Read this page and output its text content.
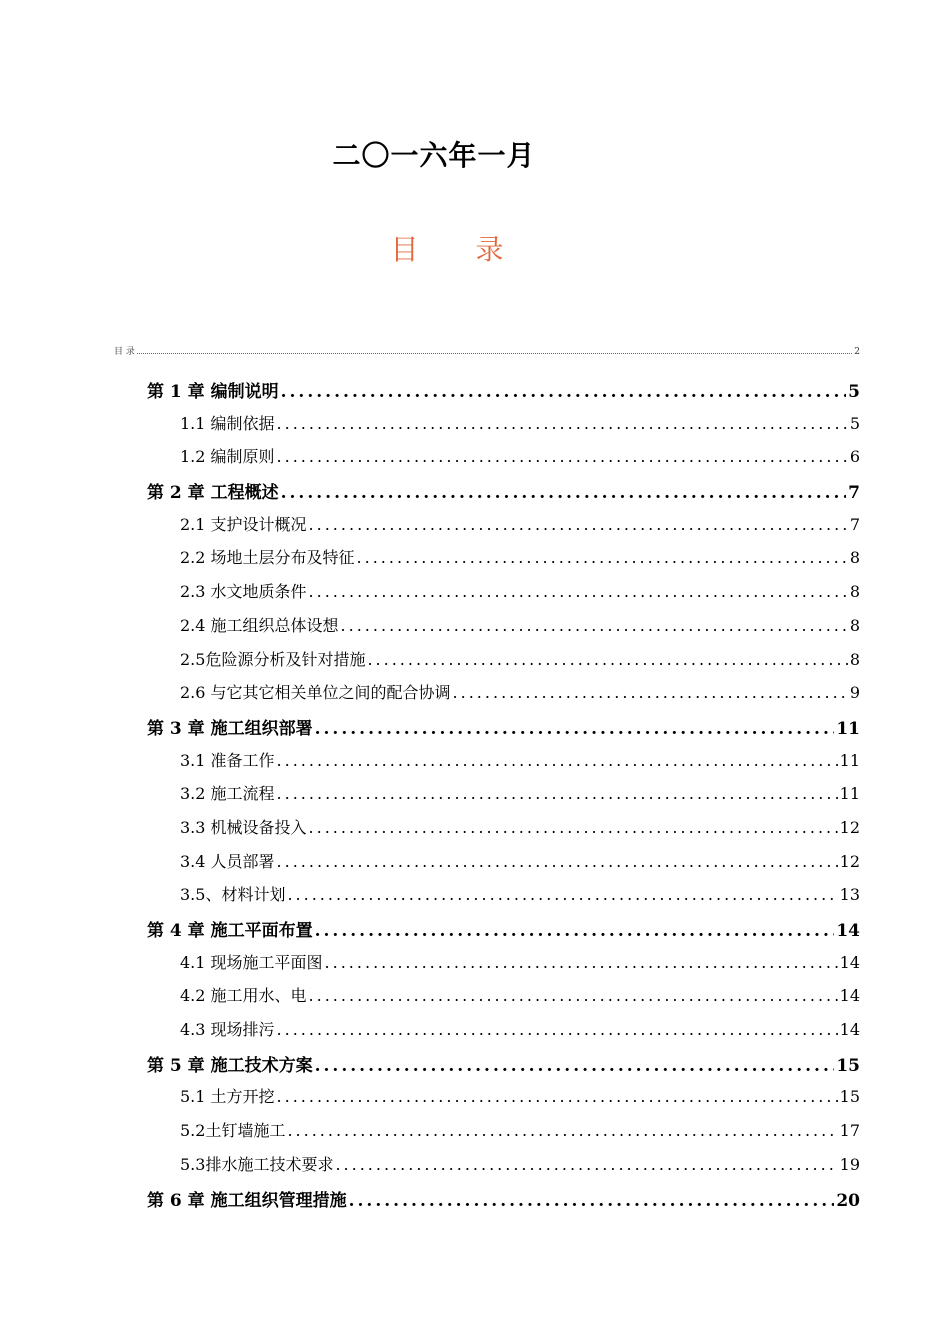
二〇一六年一月
目 录
目 录	2
第 1 章 编制说明 .....	5
1.1 编制依据 .....	5
1.2 编制原则 .....	6
第 2 章 工程概述 .....	7
2.1 支护设计概况 .....	7
2.2 场地土层分布及特征 .....	8
2.3 水文地质条件 .....	8
2.4 施工组织总体设想 .....	8
2.5危险源分析及针对措施 .....	8
2.6 与它其它相关单位之间的配合协调 .....	9
第 3 章 施工组织部署 .....	11
3.1 准备工作 .....	11
3.2 施工流程 .....	11
3.3 机械设备投入 .....	12
3.4 人员部署 .....	12
3.5、材料计划 .....	13
第 4 章 施工平面布置 .....	14
4.1 现场施工平面图 .....	14
4.2 施工用水、电 .....	14
4.3 现场排污 .....	14
第 5 章 施工技术方案 .....	15
5.1 土方开挖 .....	15
5.2土钉墙施工 .....	17
5.3排水施工技术要求 .....	19
第 6 章 施工组织管理措施 .....	20
